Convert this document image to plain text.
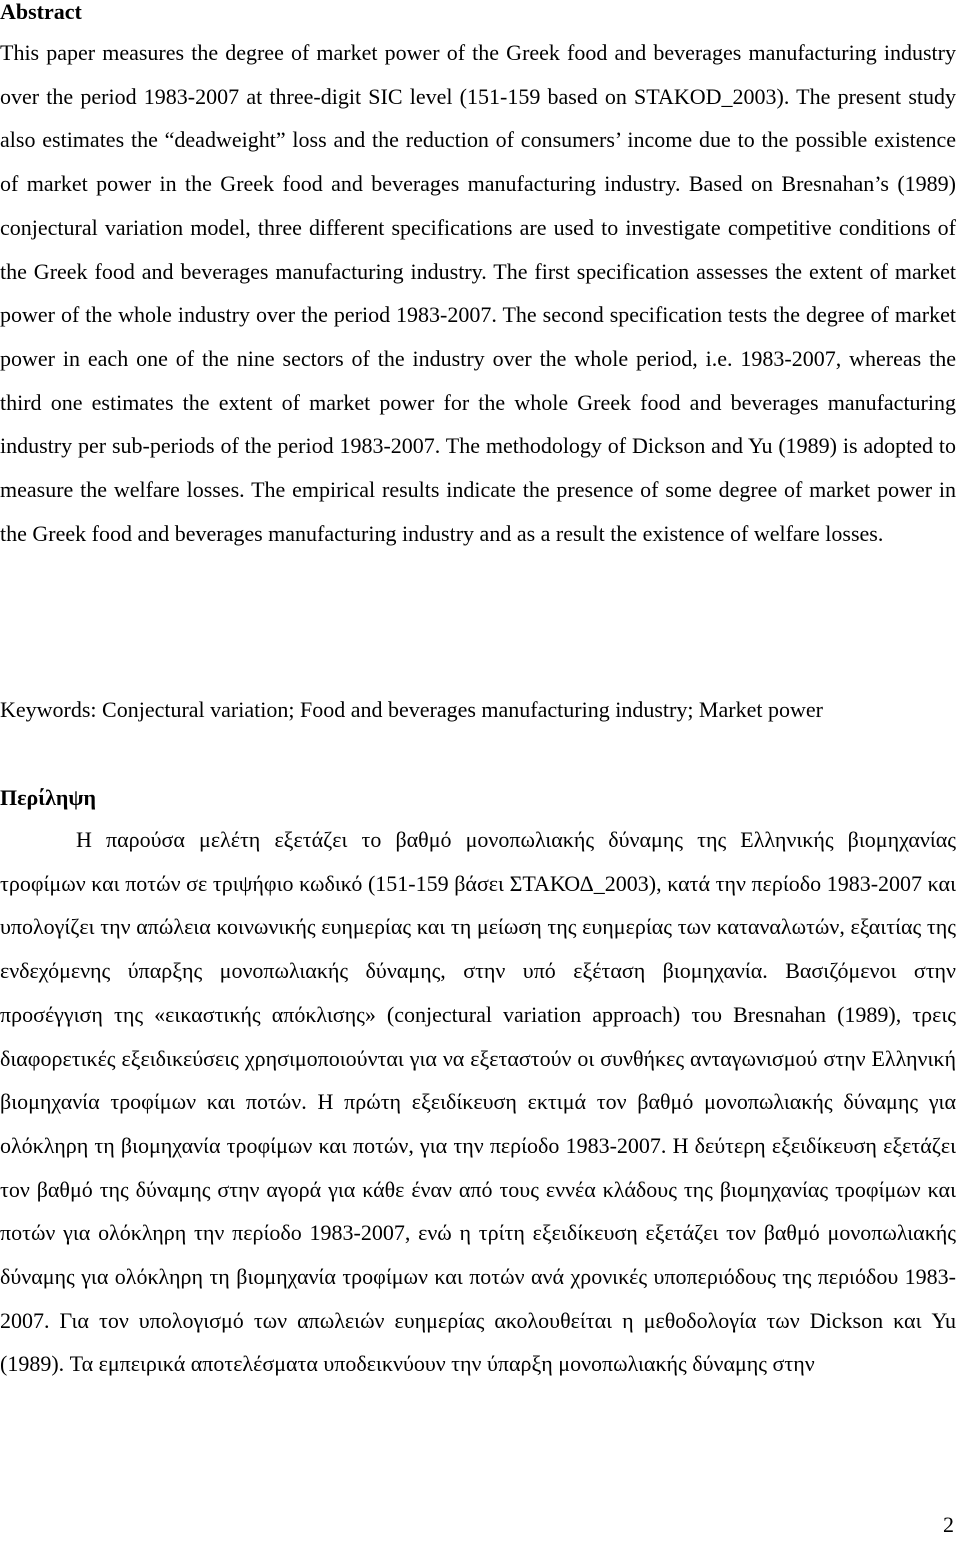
Abstract

This paper measures the degree of market power of the Greek food and beverages manufacturing industry over the period 1983-2007 at three-digit SIC level (151-159 based on STAKOD_2003). The present study also estimates the “deadweight” loss and the reduction of consumers’ income due to the possible existence of market power in the Greek food and beverages manufacturing industry. Based on Bresnahan’s (1989) conjectural variation model, three different specifications are used to investigate competitive conditions of the Greek food and beverages manufacturing industry. The first specification assesses the extent of market power of the whole industry over the period 1983-2007. The second specification tests the degree of market power in each one of the nine sectors of the industry over the whole period, i.e. 1983-2007, whereas the third one estimates the extent of market power for the whole Greek food and beverages manufacturing industry per sub-periods of the period 1983-2007. The methodology of Dickson and Yu (1989) is adopted to measure the welfare losses. The empirical results indicate the presence of some degree of market power in the Greek food and beverages manufacturing industry and as a result the existence of welfare losses.

Keywords: Conjectural variation; Food and beverages manufacturing industry; Market power

Περίληψη

Η παρούσα μελέτη εξετάζει το βαθμό μονοπωλιακής δύναμης της Ελληνικής βιομηχανίας τροφίμων και ποτών σε τριψήφιο κωδικό (151-159 βάσει ΣΤΑΚΟΔ_2003), κατά την περίοδο 1983-2007 και υπολογίζει την απώλεια κοινωνικής ευημερίας και τη μείωση της ευημερίας των καταναλωτών, εξαιτίας της ενδεχόμενης ύπαρξης μονοπωλιακής δύναμης, στην υπό εξέταση βιομηχανία. Βασιζόμενοι στην προσέγγιση της «εικαστικής απόκλισης» (conjectural variation approach) του Bresnahan (1989), τρεις διαφορετικές εξειδικεύσεις χρησιμοποιούνται για να εξεταστούν οι συνθήκες ανταγωνισμού στην Ελληνική βιομηχανία τροφίμων και ποτών. Η πρώτη εξειδίκευση εκτιμά τον βαθμό μονοπωλιακής δύναμης για ολόκληρη τη βιομηχανία τροφίμων και ποτών, για την περίοδο 1983-2007. Η δεύτερη εξειδίκευση εξετάζει τον βαθμό της δύναμης στην αγορά για κάθε έναν από τους εννέα κλάδους της βιομηχανίας τροφίμων και ποτών για ολόκληρη την περίοδο 1983-2007, ενώ η τρίτη εξειδίκευση εξετάζει τον βαθμό μονοπωλιακής δύναμης για ολόκληρη τη βιομηχανία τροφίμων και ποτών ανά χρονικές υποπεριόδους της περιόδου 1983-2007. Για τον υπολογισμό των απωλειών ευημερίας ακολουθείται η μεθοδολογία των Dickson και Yu (1989). Τα εμπειρικά αποτελέσματα υποδεικνύουν την ύπαρξη μονοπωλιακής δύναμης στην

2
